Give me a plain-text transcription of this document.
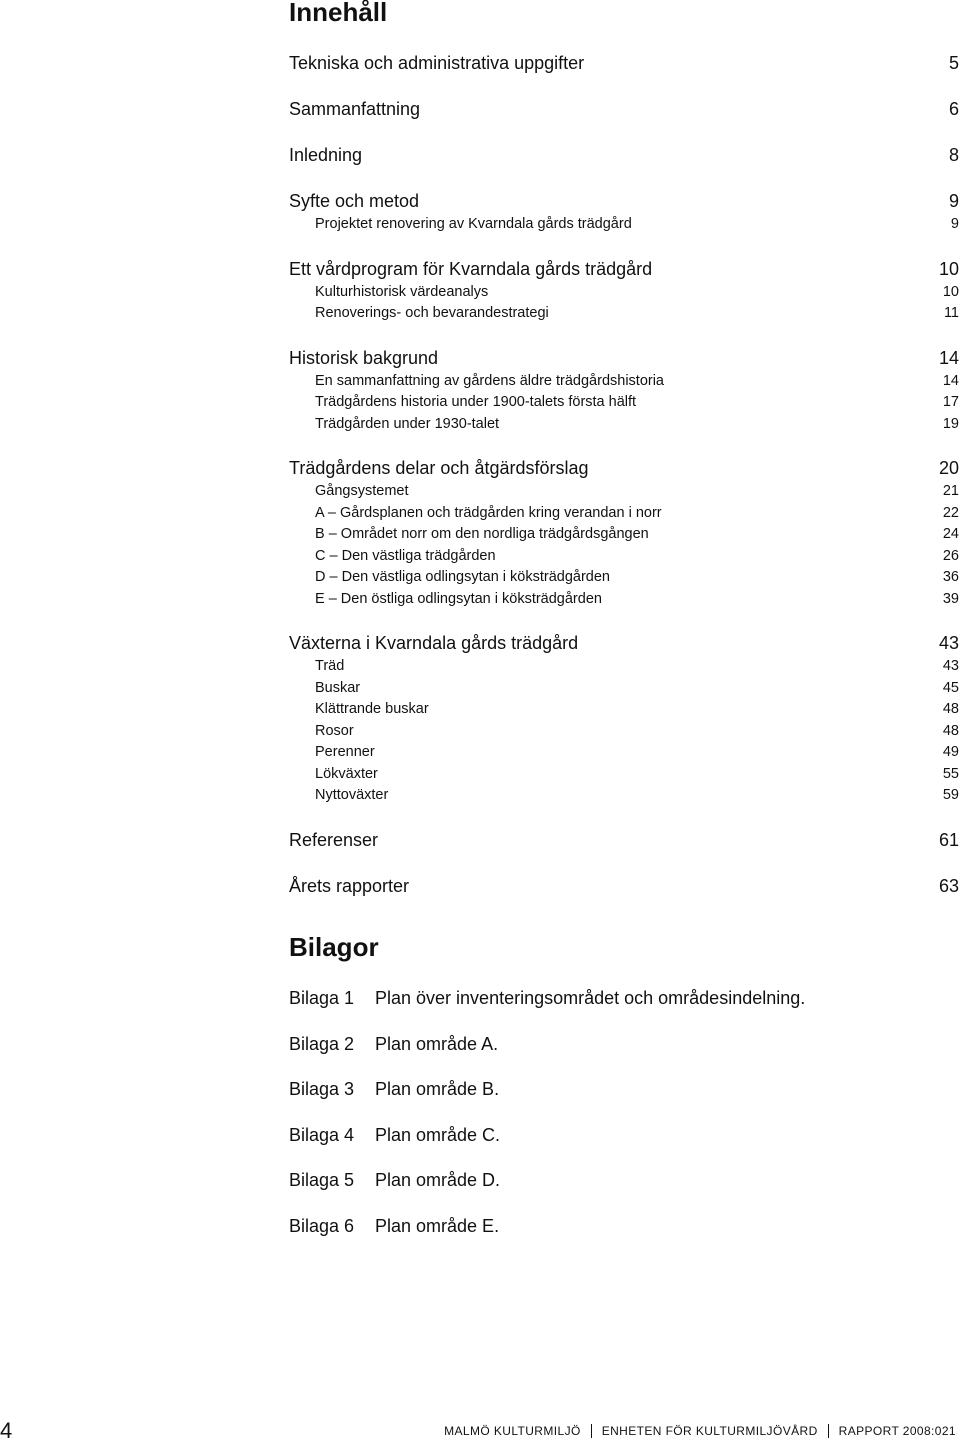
Innehåll
Tekniska och administrativa uppgifter	5
Sammanfattning	6
Inledning	8
Syfte och metod	9
Projektet renovering av Kvarndala gårds trädgård	9
Ett vårdprogram för Kvarndala gårds trädgård	10
Kulturhistorisk värdeanalys	10
Renoverings- och bevarandestrategi	11
Historisk bakgrund	14
En sammanfattning av gårdens äldre trädgårdshistoria	14
Trädgårdens historia under 1900-talets första hälft	17
Trädgården under 1930-talet	19
Trädgårdens delar och åtgärdsförslag	20
Gångsystemet	21
A – Gårdsplanen och trädgården kring verandan i norr	22
B – Området norr om den nordliga trädgårdsgången	24
C – Den västliga trädgården	26
D – Den västliga odlingsytan i köksträdgården	36
E – Den östliga odlingsytan i köksträdgården	39
Växterna i Kvarndala gårds trädgård	43
Träd	43
Buskar	45
Klättrande buskar	48
Rosor	48
Perenner	49
Lökväxter	55
Nyttoväxter	59
Referenser	61
Årets rapporter	63
Bilagor
Bilaga 1	Plan över inventeringsområdet och områdesindelning.
Bilaga 2	Plan område A.
Bilaga 3	Plan område B.
Bilaga 4	Plan område C.
Bilaga 5	Plan område D.
Bilaga 6	Plan område E.
4	MALMÖ KULTURMILJÖ ENHETEN FÖR KULTURMILJÖVÅRD RAPPORT 2008:021
